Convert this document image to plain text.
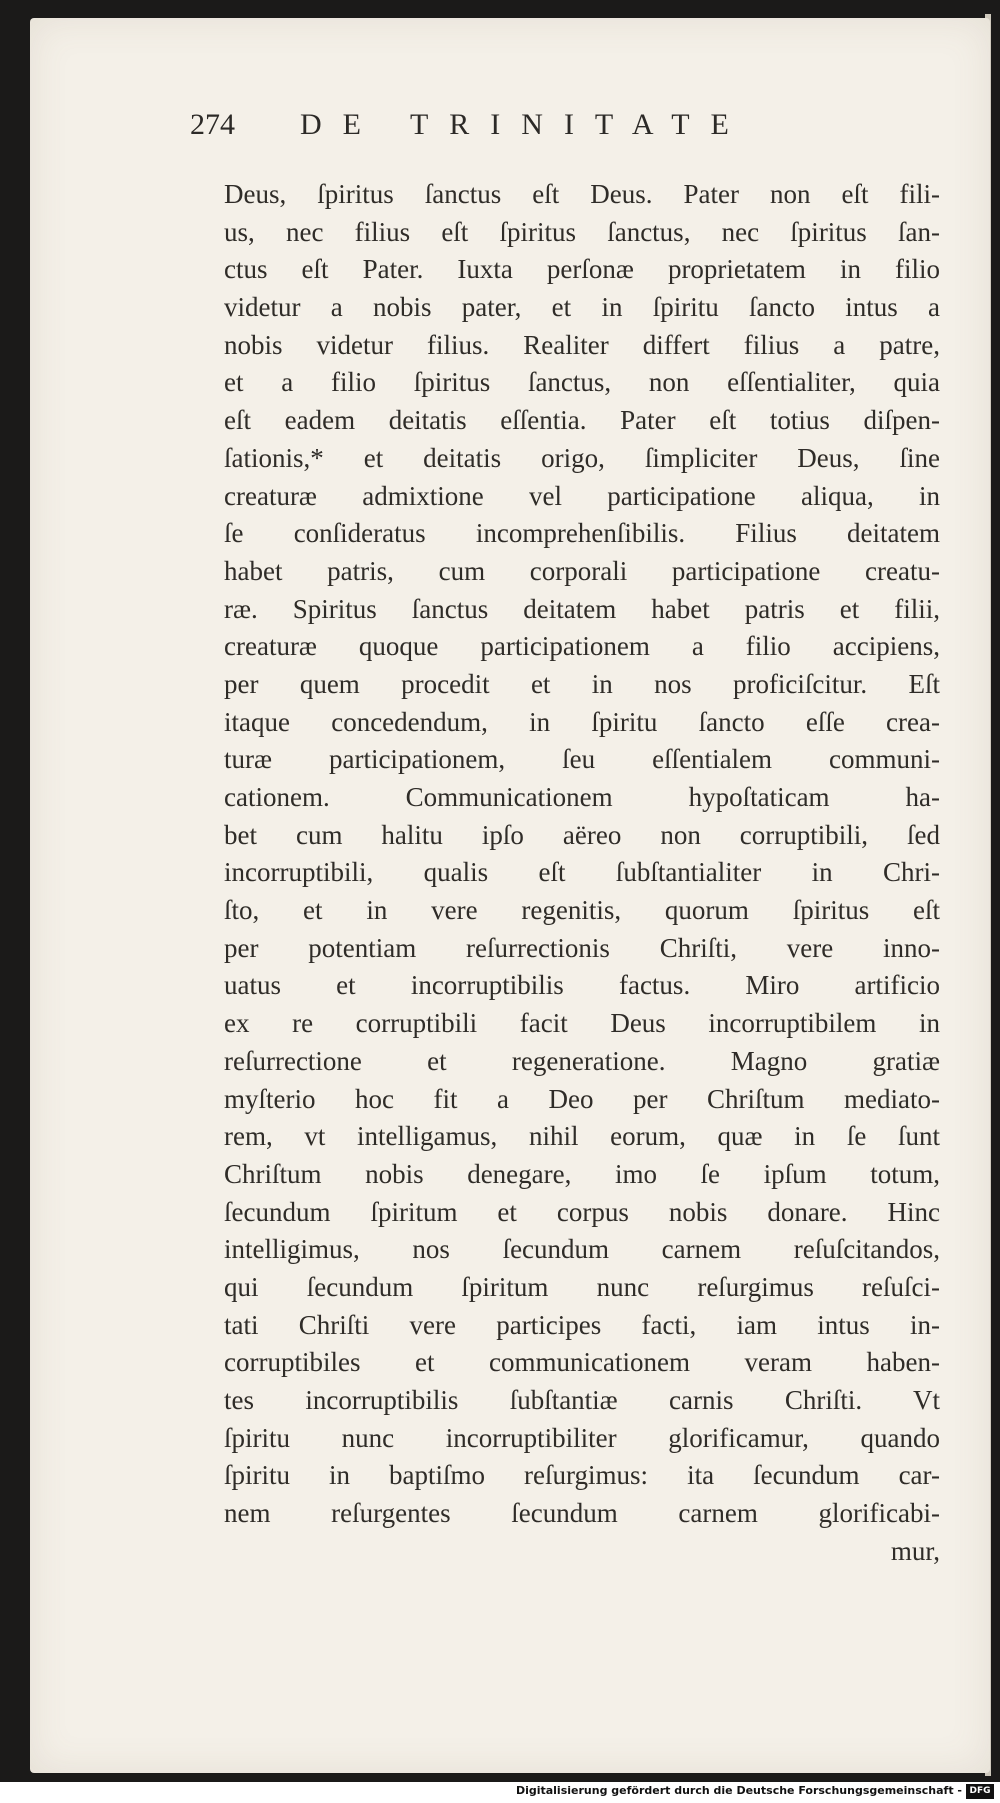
274	DE TRINITATE
Deus, ſpiritus ſanctus eſt Deus. Pater non eſt fili-
us, nec filius eſt ſpiritus ſanctus, nec ſpiritus ſan-
ctus eſt Pater. Iuxta perſonæ proprietatem in filio
videtur a nobis pater, et in ſpiritu ſancto intus a
nobis videtur filius. Realiter differt filius a patre,
et a filio ſpiritus ſanctus, non eſſentialiter, quia
eſt eadem deitatis eſſentia. Pater eſt totius diſpen-
ſationis,* et deitatis origo, ſimpliciter Deus, ſine
creaturæ admixtione vel participatione aliqua, in
ſe conſideratus incomprehenſibilis. Filius deitatem
habet patris, cum corporali participatione creatu-
ræ. Spiritus ſanctus deitatem habet patris et filii,
creaturæ quoque participationem a filio accipiens,
per quem procedit et in nos proficiſcitur. Eſt
itaque concedendum, in ſpiritu ſancto eſſe crea-
turæ participationem, ſeu eſſentialem communi-
cationem. Communicationem hypoſtaticam ha-
bet cum halitu ipſo aëreo non corruptibili, ſed
incorruptibili, qualis eſt ſubſtantialiter in Chri-
ſto, et in vere regenitis, quorum ſpiritus eſt
per potentiam reſurrectionis Chriſti, vere inno-
uatus et incorruptibilis factus. Miro artificio
ex re corruptibili facit Deus incorruptibilem in
reſurrectione et regeneratione. Magno gratiæ
myſterio hoc fit a Deo per Chriſtum mediato-
rem, vt intelligamus, nihil eorum, quæ in ſe ſunt
Chriſtum nobis denegare, imo ſe ipſum totum,
ſecundum ſpiritum et corpus nobis donare. Hinc
intelligimus, nos ſecundum carnem reſuſcitandos,
qui ſecundum ſpiritum nunc reſurgimus reſuſci-
tati Chriſti vere participes facti, iam intus in-
corruptibiles et communicationem veram haben-
tes incorruptibilis ſubſtantiæ carnis Chriſti. Vt
ſpiritu nunc incorruptibiliter glorificamur, quando
ſpiritu in baptiſmo reſurgimus: ita ſecundum car-
nem reſurgentes ſecundum carnem glorificabi-
mur,
Digitalisierung gefördert durch die Deutsche Forschungsgemeinschaft - DFG
